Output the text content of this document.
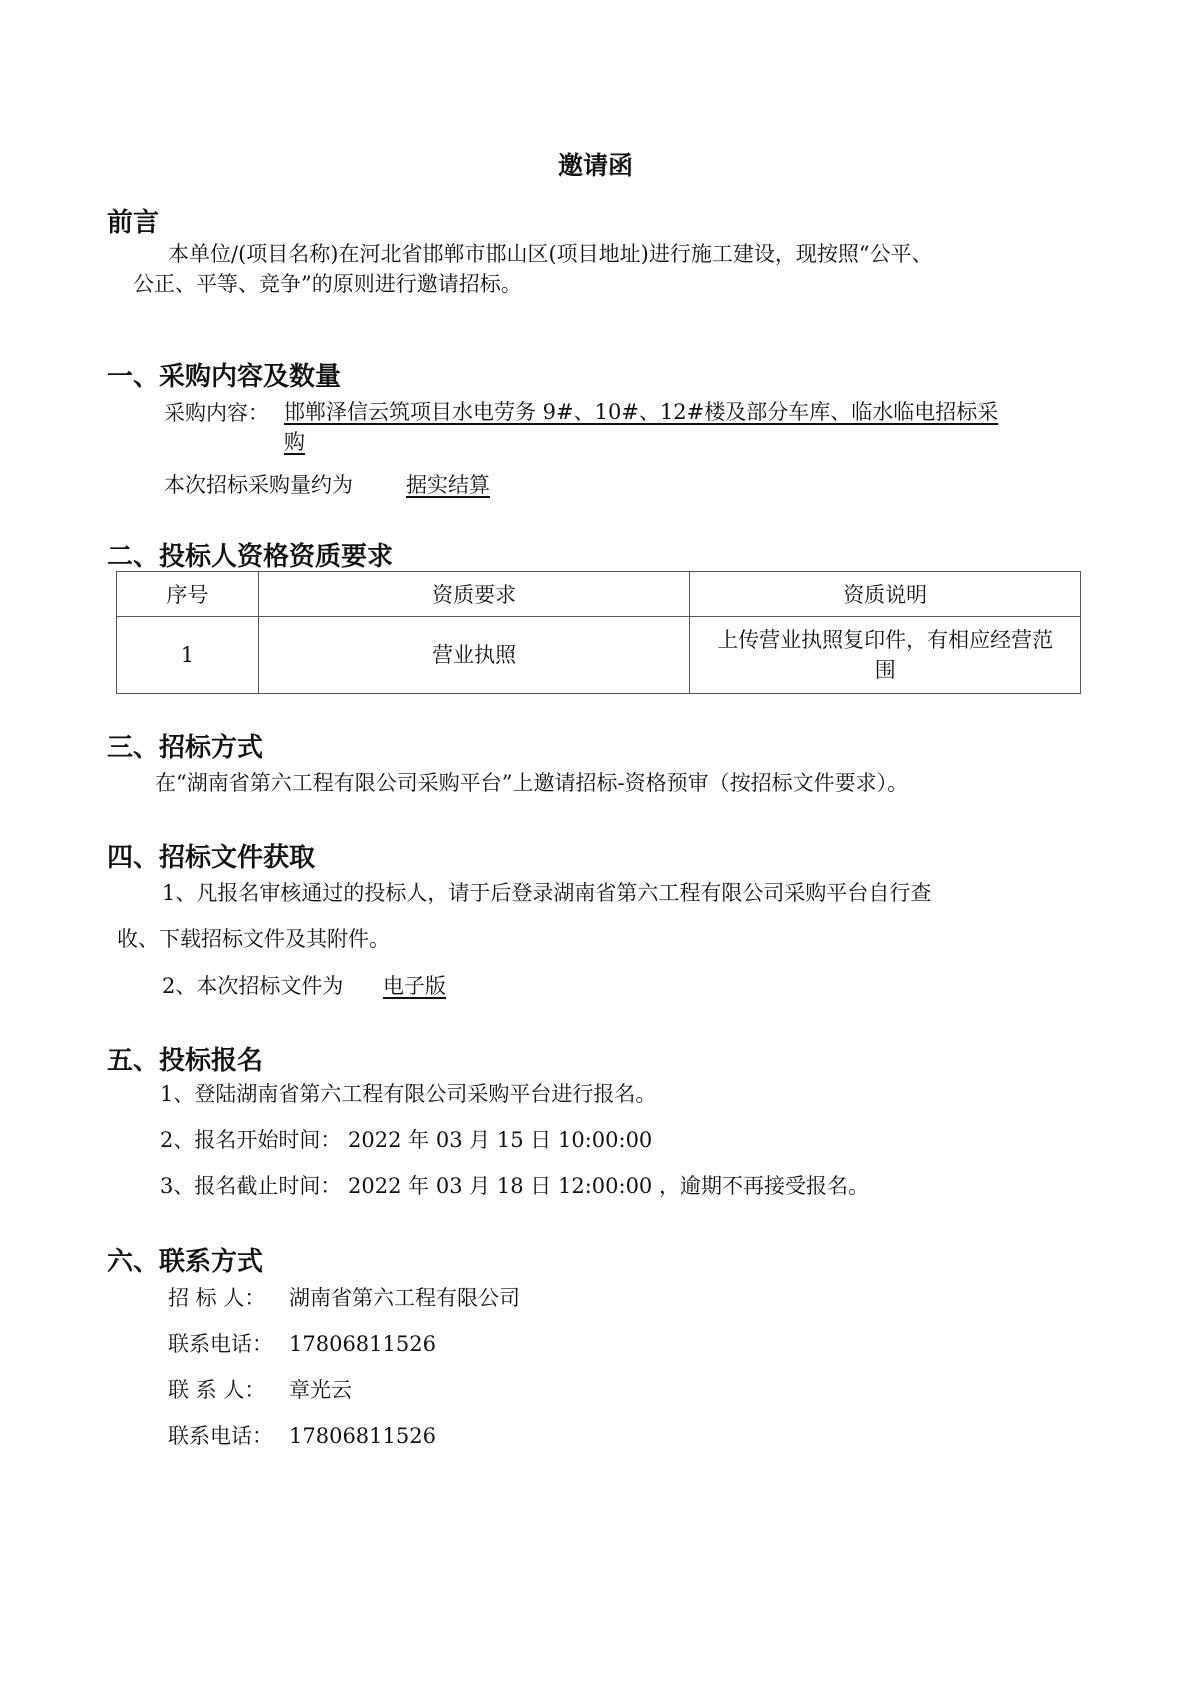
邀请函
前言
本单位/(项目名称)在河北省邯郸市邯山区(项目地址)进行施工建设，现按照“公平、
公正、平等、竞争”的原则进行邀请招标。
一、采购内容及数量
采购内容： 邯郸泽信云筑项目水电劳务 9#、10#、12#楼及部分车库、临水临电招标采
购
本次招标采购量约为	据实结算
二、投标人资格资质要求
序号	资质要求	资质说明
1	营业执照	上传营业执照复印件，有相应经营范
围
三、招标方式
在“湖南省第六工程有限公司采购平台”上邀请招标-资格预审（按招标文件要求）。
四、招标文件获取
1、凡报名审核通过的投标人，请于后登录湖南省第六工程有限公司采购平台自行查
收、下载招标文件及其附件。
2、本次招标文件为 电子版
五、投标报名
1、登陆湖南省第六工程有限公司采购平台进行报名。
2、报名开始时间： 2022 年 03 月 15 日 10:00:00
3、报名截止时间： 2022 年 03 月 18 日 12:00:00 ，逾期不再接受报名。
六、联系方式
招 标 人： 湖南省第六工程有限公司
联系电话： 17806811526
联 系 人： 章光云
联系电话： 17806811526
